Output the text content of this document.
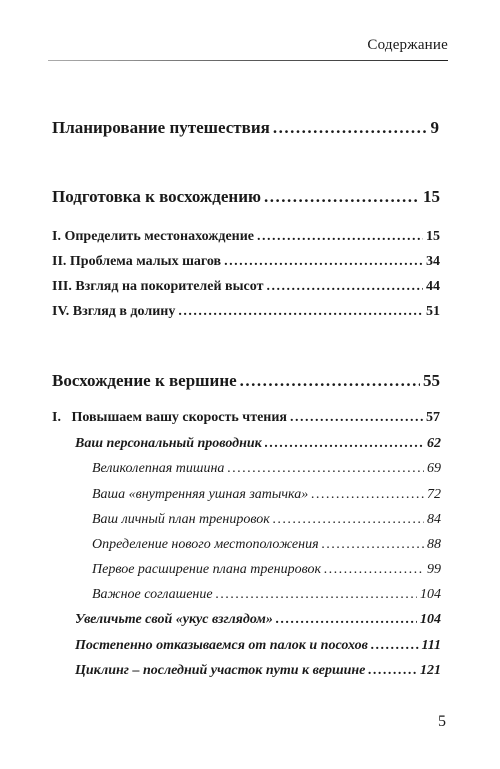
Содержание
Планирование путешествия .....	9
Подготовка к восхождению .....	15
I. Определить местонахождение .....	15
II. Проблема малых шагов .....	34
III. Взгляд на покорителей высот .....	44
IV. Взгляд в долину .....	51
Восхождение к вершине .....	55
I.   Повышаем вашу скорость чтения .....	57
Ваш персональный проводник .....	62
Великолепная тишина .....	69
Ваша «внутренняя ушная затычка» .....	72
Ваш личный план тренировок .....	84
Определение нового местоположения .....	88
Первое расширение плана тренировок .....	99
Важное соглашение .....	104
Увеличьте свой «укус взглядом» .....	104
Постепенно отказываемся от палок и посохов .....	111
Циклинг – последний участок пути к вершине .....	121
5
